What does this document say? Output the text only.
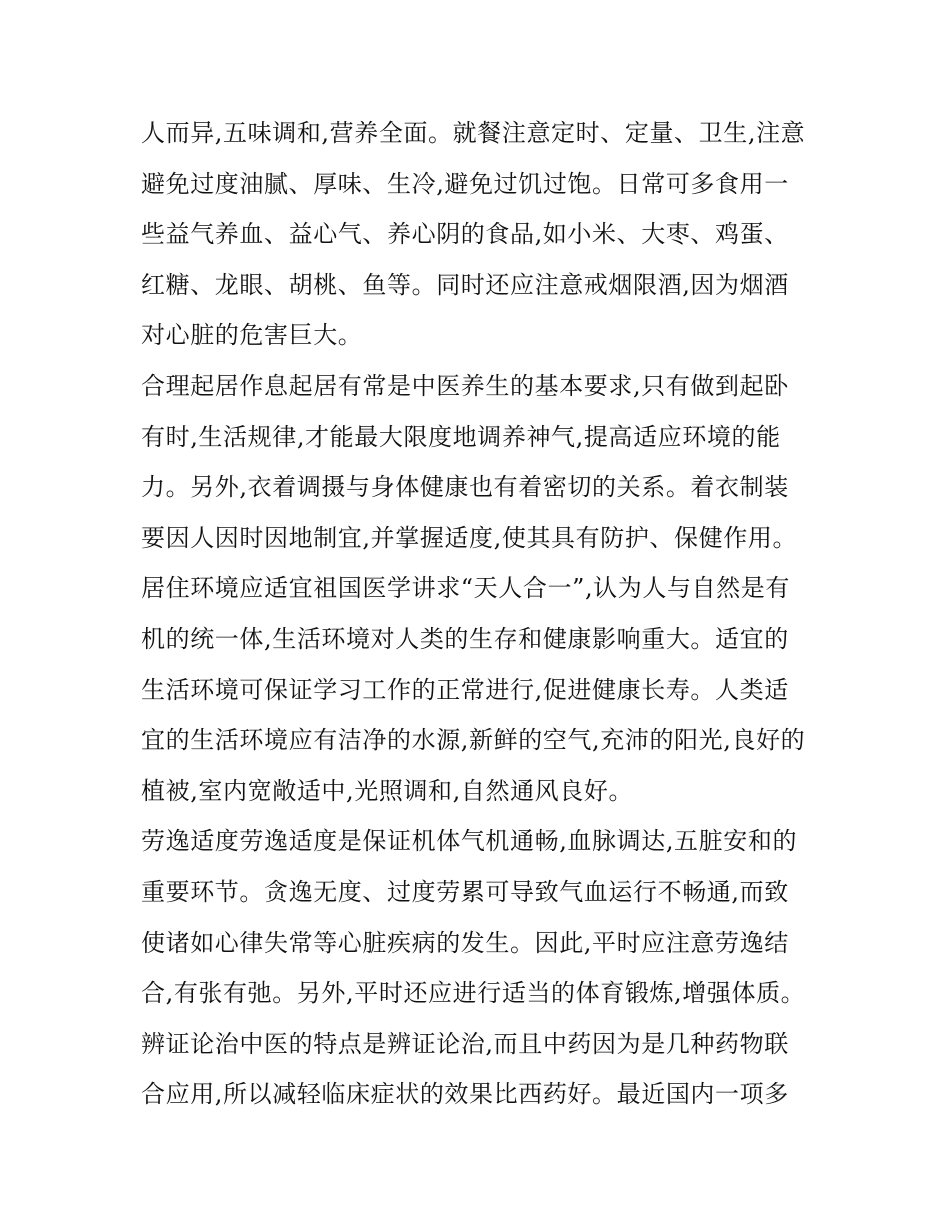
人而异,五味调和,营养全面。就餐注意定时、定量、卫生,注意
避免过度油腻、厚味、生冷,避免过饥过饱。日常可多食用一
些益气养血、益心气、养心阴的食品,如小米、大枣、鸡蛋、
红糖、龙眼、胡桃、鱼等。同时还应注意戒烟限酒,因为烟酒
对心脏的危害巨大。
合理起居作息起居有常是中医养生的基本要求,只有做到起卧
有时,生活规律,才能最大限度地调养神气,提高适应环境的能
力。另外,衣着调摄与身体健康也有着密切的关系。着衣制装
要因人因时因地制宜,并掌握适度,使其具有防护、保健作用。
居住环境应适宜祖国医学讲求“天人合一”,认为人与自然是有
机的统一体,生活环境对人类的生存和健康影响重大。适宜的
生活环境可保证学习工作的正常进行,促进健康长寿。人类适
宜的生活环境应有洁净的水源,新鲜的空气,充沛的阳光,良好的
植被,室内宽敞适中,光照调和,自然通风良好。
劳逸适度劳逸适度是保证机体气机通畅,血脉调达,五脏安和的
重要环节。贪逸无度、过度劳累可导致气血运行不畅通,而致
使诸如心律失常等心脏疾病的发生。因此,平时应注意劳逸结
合,有张有弛。另外,平时还应进行适当的体育锻炼,增强体质。
辨证论治中医的特点是辨证论治,而且中药因为是几种药物联
合应用,所以减轻临床症状的效果比西药好。最近国内一项多
